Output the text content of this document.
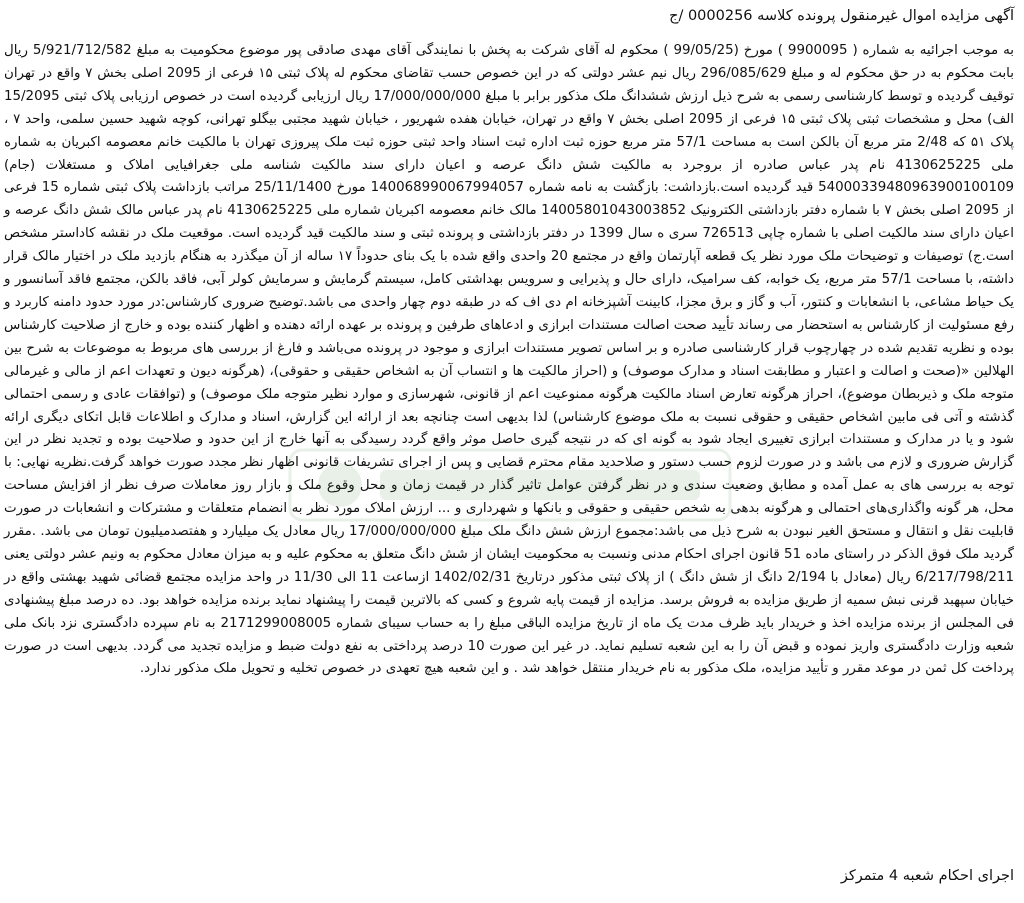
آگهی مزایده اموال غیرمنقول پرونده کلاسه 0000256 /ج

به موجب اجرائیه به شماره ( 9900095 ) مورخ (99/05/25 ) محکوم له آقای شرکت به پخش با نمایندگی آقای مهدی صادقی پور موضوع محکومیت به مبلغ 5/921/712/582 ریال بابت محکوم به در حق محکوم له و مبلغ 296/085/629 ریال نیم عشر دولتی که در این خصوص حسب تقاضای محکوم له پلاک ثبتی ۱۵ فرعی از 2095 اصلی بخش ۷ واقع در تهران توقیف گردیده و توسط کارشناسی رسمی به شرح ذیل ارزش ششدانگ ملک مذکور برابر با مبلغ 17/000/000/000 ریال ارزیابی گردیده است در خصوص ارزیابی پلاک ثبتی 15/2095 الف) محل و مشخصات ثبتی پلاک ثبتی ۱۵ فرعی از 2095 اصلی بخش ۷ واقع در تهران، خیابان هفده شهریور ، خیابان شهید مجتبی بیگلو تهرانی، کوچه شهید حسین سلمی، واحد ۷ ، پلاک ۵۱ که 2/48 متر مربع آن بالکن است به مساحت 57/1 متر مربع حوزه ثبت اداره ثبت اسناد واحد ثبتی حوزه ثبت ملک پیروزی تهران با مالکیت خانم معصومه اکبریان به شماره ملی 4130625225 نام پدر عباس صادره از بروجرد به مالکیت شش دانگ عرصه و اعیان دارای سند مالکیت شناسه ملی جغرافیایی املاک و مستغلات (جام) 5400033948096390010010​9 قید گردیده است.بازداشت: بازگشت به نامه شماره 14006899006799405​7 مورخ 25/11/1400 مراتب بازداشت پلاک ثبتی شماره 15 فرعی از 2095 اصلی بخش ۷ با شماره دفتر بازداشتی الکترونیک 14005801043003852 مالک خانم معصومه اکبریان شماره ملی 4130625225 نام پدر عباس مالک شش دانگ عرصه و اعیان دارای سند مالکیت اصلی با شماره چاپی 726513 سری ه سال 1399 در دفتر بازداشتی و پرونده ثبتی و سند مالکیت قید گردیده است. موقعیت ملک در نقشه کاداستر مشخص است.ج) توصیفات و توضیحات ملک مورد نظر یک قطعه آپارتمان واقع در مجتمع 20 واحدی واقع شده با یک بنای حدوداً ۱۷ ساله از آن میگذرد به هنگام بازدید ملک در اختیار مالک قرار داشته، با مساحت 57/1 متر مربع، یک خوابه، کف سرامیک، دارای حال و پذیرایی و سرویس بهداشتی کامل، سیستم گرمایش و سرمایش کولر آبی، فاقد بالکن، مجتمع فاقد آسانسور و یک حیاط مشاعی، با انشعابات و کنتور، آب و گاز و برق مجزا، کابینت آشپزخانه ام دی اف که در طبقه دوم چهار واحدی می باشد.توضیح ضروری کارشناس:در مورد حدود دامنه کاربرد و رفع مسئولیت از کارشناس به استحضار می رساند تأیید صحت اصالت مستندات ابرازی و ادعاهای طرفین و پرونده بر عهده ارائه دهنده و اظهار کننده بوده و خارج از صلاحیت کارشناس بوده و نظریه تقدیم شده در چهارچوب قرار کارشناسی صادره و بر اساس تصویر مستندات ابرازی و موجود در پرونده می‌باشد و فارغ از بررسی های مربوط به موضوعات به شرح بین الهلالین «(صحت و اصالت و اعتبار و مطابقت اسناد و مدارک موصوف) و (احراز مالکیت ها و انتساب آن به اشخاص حقیقی و حقوقی)، (هرگونه دیون و تعهدات اعم از مالی و غیرمالی متوجه ملک و ذیربطان موضوع)، احراز هرگونه تعارض اسناد مالکیت هرگونه ممنوعیت اعم از قانونی، شهرسازی و موارد نظیر متوجه ملک موصوف) و (توافقات عادی و رسمی احتمالی گذشته و آتی فی مابین اشخاص حقیقی و حقوقی نسبت به ملک موضوع کارشناس) لذا بدیهی است چنانچه بعد از ارائه این گزارش، اسناد و مدارک و اطلاعات قابل اتکای دیگری ارائه شود و یا در مدارک و مستندات ابرازی تغییری ایجاد شود به گونه ای که در نتیجه گیری حاصل موثر واقع گردد رسیدگی به آنها خارج از این حدود و صلاحیت بوده و تجدید نظر در این گزارش ضروری و لازم می باشد و در صورت لزوم حسب دستور و صلاحدید مقام محترم قضایی و پس از اجرای تشریفات قانونی اظهار نظر مجدد صورت خواهد گرفت.نظریه نهایی: با توجه به بررسی های به عمل آمده و مطابق وضعیت سندی و در نظر گرفتن عوامل تاثیر گذار در قیمت زمان و محل وقوع ملک و بازار روز معاملات صرف نظر از افزایش مساحت محل، هر گونه واگذاری‌های احتمالی و هرگونه بدهی به شخص حقیقی و حقوقی و بانکها و شهرداری و ... ارزش املاک مورد نظر به انضمام متعلقات و مشترکات و انشعابات در صورت قابلیت نقل و انتقال و مستحق الغیر نبودن به شرح ذیل می باشد:مجموع ارزش شش دانگ ملک مبلغ 17/000/000/000 ریال معادل یک میلیارد و هفتصدمیلیون تومان می باشد. .مقرر گردید ملک فوق الذکر در راستای ماده 51 قانون اجرای احکام مدنی ونسبت به محکومیت ایشان از شش دانگ متعلق به محکوم علیه و به میزان معادل محکوم به ونیم عشر دولتی یعنی 6/217/798/211 ریال (معادل با 2/194 دانگ از شش دانگ ) از پلاک ثبتی مذکور درتاریخ 1402/02/31 ازساعت 11 الی 11/30 در واحد مزایده مجتمع قضائی شهید بهشتی واقع در خیابان سپهبد قرنی نبش سمیه از طریق مزایده به فروش برسد. مزایده از قیمت پایه شروع و کسی که بالاترین قیمت را پیشنهاد نماید برنده مزایده خواهد بود. ده درصد مبلغ پیشنهادی فی المجلس از برنده مزایده اخذ و خریدار باید ظرف مدت یک ماه از تاریخ مزایده الباقی مبلغ را به حساب سیبای شماره 2171299008005 به نام سپرده دادگستری نزد بانک ملی شعبه وزارت دادگستری واریز نموده و قبض آن را به این شعبه تسلیم نماید. در غیر این صورت 10 درصد پرداختی به نفع دولت ضبط و مزایده تجدید می گردد. بدیهی است در صورت پرداخت کل ثمن در موعد مقرر و تأیید مزایده، ملک مذکور به نام خریدار منتقل خواهد شد . و این شعبه هیچ تعهدی در خصوص تخلیه و تحویل ملک مذکور ندارد.

اجرای احکام شعبه 4 متمرکز
